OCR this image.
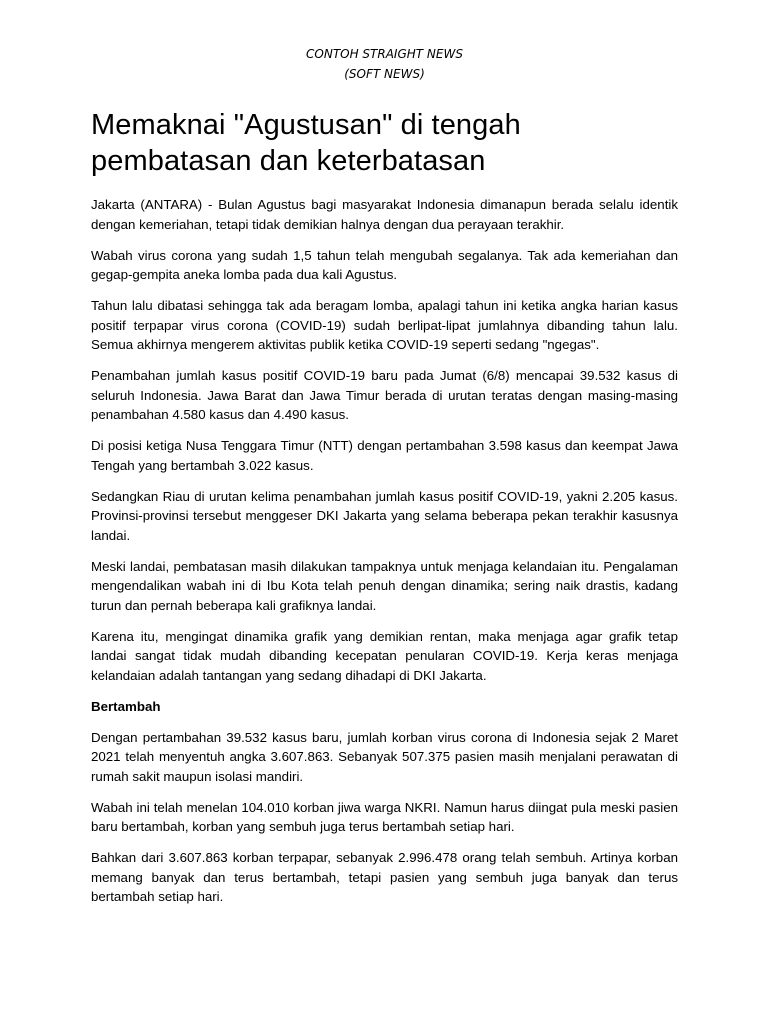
CONTOH STRAIGHT NEWS

(SOFT NEWS)

Memaknai "Agustusan" di tengah pembatasan dan keterbatasan

Jakarta (ANTARA) - Bulan Agustus bagi masyarakat Indonesia dimanapun berada selalu identik dengan kemeriahan, tetapi tidak demikian halnya dengan dua perayaan terakhir.

Wabah virus corona yang sudah 1,5 tahun telah mengubah segalanya. Tak ada kemeriahan dan gegap-gempita aneka lomba pada dua kali Agustus.

Tahun lalu dibatasi sehingga tak ada beragam lomba, apalagi tahun ini ketika angka harian kasus positif terpapar virus corona (COVID-19) sudah berlipat-lipat jumlahnya dibanding tahun lalu. Semua akhirnya mengerem aktivitas publik ketika COVID-19 seperti sedang "ngegas".

Penambahan jumlah kasus positif COVID-19 baru pada Jumat (6/8) mencapai 39.532 kasus di seluruh Indonesia. Jawa Barat dan Jawa Timur berada di urutan teratas dengan masing-masing penambahan 4.580 kasus dan 4.490 kasus.

Di posisi ketiga Nusa Tenggara Timur (NTT) dengan pertambahan 3.598 kasus dan keempat Jawa Tengah yang bertambah 3.022 kasus.

Sedangkan Riau di urutan kelima penambahan jumlah kasus positif COVID-19, yakni 2.205 kasus. Provinsi-provinsi tersebut menggeser DKI Jakarta yang selama beberapa pekan terakhir kasusnya landai.

Meski landai, pembatasan masih dilakukan tampaknya untuk menjaga kelandaian itu. Pengalaman mengendalikan wabah ini di Ibu Kota telah penuh dengan dinamika; sering naik drastis, kadang turun dan pernah beberapa kali grafiknya landai.

Karena itu, mengingat dinamika grafik yang demikian rentan, maka menjaga agar grafik tetap landai sangat tidak mudah dibanding kecepatan penularan COVID-19. Kerja keras menjaga kelandaian adalah tantangan yang sedang dihadapi di DKI Jakarta.

Bertambah

Dengan pertambahan 39.532 kasus baru, jumlah korban virus corona di Indonesia sejak 2 Maret 2021 telah menyentuh angka 3.607.863. Sebanyak 507.375 pasien masih menjalani perawatan di rumah sakit maupun isolasi mandiri.

Wabah ini telah menelan 104.010 korban jiwa warga NKRI. Namun harus diingat pula meski pasien baru bertambah, korban yang sembuh juga terus bertambah setiap hari.

Bahkan dari 3.607.863 korban terpapar, sebanyak 2.996.478 orang telah sembuh. Artinya korban memang banyak dan terus bertambah, tetapi pasien yang sembuh juga banyak dan terus bertambah setiap hari.
